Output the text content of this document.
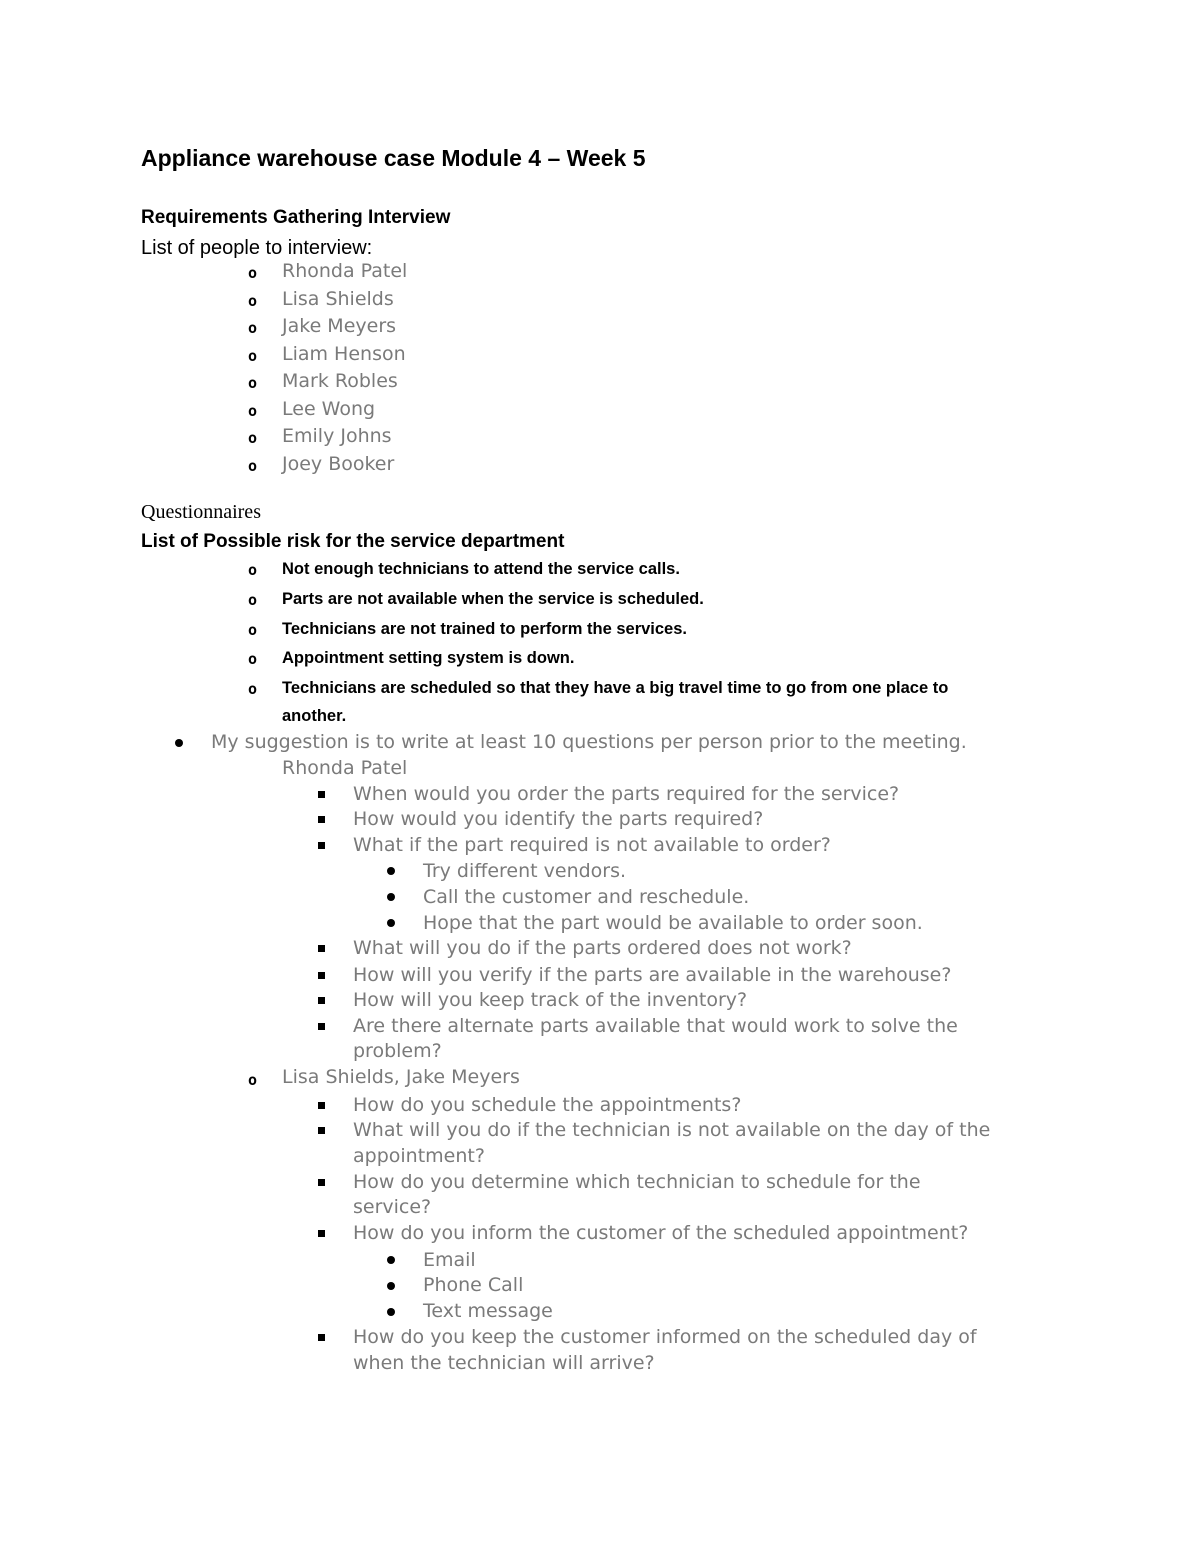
Appliance warehouse case Module 4 – Week 5
Requirements Gathering Interview
List of people to interview:
o Rhonda Patel
o Lisa Shields
o Jake Meyers
o Liam Henson
o Mark Robles
o Lee Wong
o Emily Johns
o Joey Booker
Questionnaires
List of Possible risk for the service department
o Not enough technicians to attend the service calls.
o Parts are not available when the service is scheduled.
o Technicians are not trained to perform the services.
o Appointment setting system is down.
o Technicians are scheduled so that they have a big travel time to go from one place to
another.
My suggestion is to write at least 10 questions per person prior to the meeting.
Rhonda Patel
When would you order the parts required for the service?
How would you identify the parts required?
What if the part required is not available to order?
Try different vendors.
Call the customer and reschedule.
Hope that the part would be available to order soon.
What will you do if the parts ordered does not work?
How will you verify if the parts are available in the warehouse?
How will you keep track of the inventory?
Are there alternate parts available that would work to solve the
problem?
o Lisa Shields, Jake Meyers
How do you schedule the appointments?
What will you do if the technician is not available on the day of the
appointment?
How do you determine which technician to schedule for the
service?
How do you inform the customer of the scheduled appointment?
Email
Phone Call
Text message
How do you keep the customer informed on the scheduled day of
when the technician will arrive?
